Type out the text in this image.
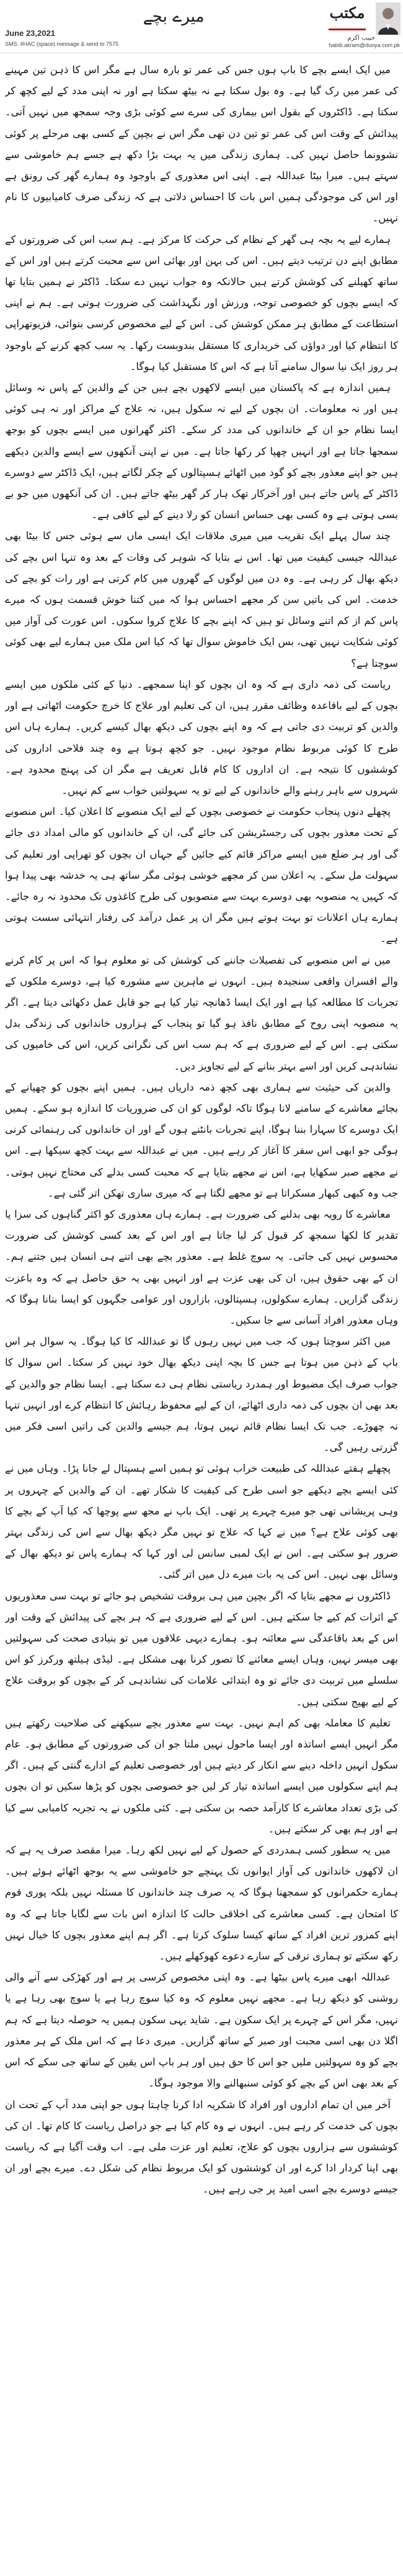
میرے بچے
June 23,2021
SMS: #HAC (space) message & send to 7575
حبیب اکرم
habib.akram@dunya.com.pk
مکتب

میں ایک ایسے بچے کا باپ ہوں جس کی عمر تو بارہ سال ہے مگر اس کا ذہن تین مہینے کی عمر میں رک گیا ہے۔ وہ بول سکتا ہے نہ بیٹھ سکتا ہے اور نہ اپنی مدد کے لیے کچھ کر سکتا ہے۔ ڈاکٹروں کے بقول اس بیماری کی سرے سے کوئی بڑی وجہ سمجھ میں نہیں آتی۔ پیدائش کے وقت اس کی عمر تو تین دن تھی مگر اس نے بچپن کے کسی بھی مرحلے پر کوئی نشوونما حاصل نہیں کی۔ ہماری زندگی میں یہ بہت بڑا دکھ ہے جسے ہم خاموشی سے سہتے ہیں۔ میرا بیٹا عبداللہ ہے۔ اپنی اس معذوری کے باوجود وہ ہمارے گھر کی رونق ہے اور اس کی موجودگی ہمیں اس بات کا احساس دلاتی ہے کہ زندگی صرف کامیابیوں کا نام نہیں۔

ہمارے لیے یہ بچہ ہی گھر کے نظام کی حرکت کا مرکز ہے۔ ہم سب اس کی ضرورتوں کے مطابق اپنے دن ترتیب دیتے ہیں۔ اس کی بہن اور بھائی اس سے محبت کرتے ہیں اور اس کے ساتھ کھیلنے کی کوشش کرتے ہیں حالانکہ وہ جواب نہیں دے سکتا۔ ڈاکٹر نے ہمیں بتایا تھا کہ ایسے بچوں کو خصوصی توجہ، ورزش اور نگہداشت کی ضرورت ہوتی ہے۔ ہم نے اپنی استطاعت کے مطابق ہر ممکن کوشش کی۔ اس کے لیے مخصوص کرسی بنوائی، فزیوتھراپی کا انتظام کیا اور دواؤں کی خریداری کا مستقل بندوبست رکھا۔ یہ سب کچھ کرنے کے باوجود ہر روز ایک نیا سوال سامنے آتا ہے کہ اس کا مستقبل کیا ہوگا۔

ہمیں اندازہ ہے کہ پاکستان میں ایسے لاکھوں بچے ہیں جن کے والدین کے پاس نہ وسائل ہیں اور نہ معلومات۔ ان بچوں کے لیے نہ سکول ہیں، نہ علاج کے مراکز اور نہ ہی کوئی ایسا نظام جو ان کے خاندانوں کی مدد کر سکے۔ اکثر گھرانوں میں ایسے بچوں کو بوجھ سمجھا جاتا ہے اور انہیں چھپا کر رکھا جاتا ہے۔ میں نے اپنی آنکھوں سے ایسے والدین دیکھے ہیں جو اپنے معذور بچے کو گود میں اٹھائے ہسپتالوں کے چکر لگاتے ہیں، ایک ڈاکٹر سے دوسرے ڈاکٹر کے پاس جاتے ہیں اور آخرکار تھک ہار کر گھر بیٹھ جاتے ہیں۔ ان کی آنکھوں میں جو بے بسی ہوتی ہے وہ کسی بھی حساس انسان کو رلا دینے کے لیے کافی ہے۔

چند سال پہلے ایک تقریب میں میری ملاقات ایک ایسی ماں سے ہوئی جس کا بیٹا بھی عبداللہ جیسی کیفیت میں تھا۔ اس نے بتایا کہ شوہر کی وفات کے بعد وہ تنہا اس بچے کی دیکھ بھال کر رہی ہے۔ وہ دن میں لوگوں کے گھروں میں کام کرتی ہے اور رات کو بچے کی خدمت۔ اس کی باتیں سن کر مجھے احساس ہوا کہ میں کتنا خوش قسمت ہوں کہ میرے پاس کم از کم اتنے وسائل تو ہیں کہ اپنے بچے کا علاج کروا سکوں۔ اس عورت کی آواز میں کوئی شکایت نہیں تھی، بس ایک خاموش سوال تھا کہ کیا اس ملک میں ہمارے لیے بھی کوئی سوچتا ہے؟

ریاست کی ذمہ داری ہے کہ وہ ان بچوں کو اپنا سمجھے۔ دنیا کے کئی ملکوں میں ایسے بچوں کے لیے باقاعدہ وظائف مقرر ہیں، ان کی تعلیم اور علاج کا خرچ حکومت اٹھاتی ہے اور والدین کو تربیت دی جاتی ہے کہ وہ اپنے بچوں کی دیکھ بھال کیسے کریں۔ ہمارے ہاں اس طرح کا کوئی مربوط نظام موجود نہیں۔ جو کچھ ہوتا ہے وہ چند فلاحی اداروں کی کوششوں کا نتیجہ ہے۔ ان اداروں کا کام قابل تعریف ہے مگر ان کی پہنچ محدود ہے۔ شہروں سے باہر رہنے والے خاندانوں کے لیے تو یہ سہولتیں خواب سے کم نہیں۔

پچھلے دنوں پنجاب حکومت نے خصوصی بچوں کے لیے ایک منصوبے کا اعلان کیا۔ اس منصوبے کے تحت معذور بچوں کی رجسٹریشن کی جائے گی، ان کے خاندانوں کو مالی امداد دی جائے گی اور ہر ضلع میں ایسے مراکز قائم کیے جائیں گے جہاں ان بچوں کو تھراپی اور تعلیم کی سہولت مل سکے۔ یہ اعلان سن کر مجھے خوشی ہوئی مگر ساتھ ہی یہ خدشہ بھی پیدا ہوا کہ کہیں یہ منصوبہ بھی دوسرے بہت سے منصوبوں کی طرح کاغذوں تک محدود نہ رہ جائے۔ ہمارے ہاں اعلانات تو بہت ہوتے ہیں مگر ان پر عمل درآمد کی رفتار انتہائی سست ہوتی ہے۔

میں نے اس منصوبے کی تفصیلات جاننے کی کوشش کی تو معلوم ہوا کہ اس پر کام کرنے والے افسران واقعی سنجیدہ ہیں۔ انہوں نے ماہرین سے مشورہ کیا ہے، دوسرے ملکوں کے تجربات کا مطالعہ کیا ہے اور ایک ایسا ڈھانچہ تیار کیا ہے جو قابل عمل دکھائی دیتا ہے۔ اگر یہ منصوبہ اپنی روح کے مطابق نافذ ہو گیا تو پنجاب کے ہزاروں خاندانوں کی زندگی بدل سکتی ہے۔ اس کے لیے ضروری ہے کہ ہم سب اس کی نگرانی کریں، اس کی خامیوں کی نشاندہی کریں اور اسے بہتر بنانے کے لیے تجاویز دیں۔

والدین کی حیثیت سے ہماری بھی کچھ ذمہ داریاں ہیں۔ ہمیں اپنے بچوں کو چھپانے کے بجائے معاشرے کے سامنے لانا ہوگا تاکہ لوگوں کو ان کی ضروریات کا اندازہ ہو سکے۔ ہمیں ایک دوسرے کا سہارا بننا ہوگا، اپنے تجربات بانٹنے ہوں گے اور ان خاندانوں کی رہنمائی کرنی ہوگی جو ابھی اس سفر کا آغاز کر رہے ہیں۔ میں نے عبداللہ سے بہت کچھ سیکھا ہے۔ اس نے مجھے صبر سکھایا ہے، اس نے مجھے بتایا ہے کہ محبت کسی بدلے کی محتاج نہیں ہوتی۔ جب وہ کبھی کبھار مسکراتا ہے تو مجھے لگتا ہے کہ میری ساری تھکن اتر گئی ہے۔

معاشرے کا رویہ بھی بدلنے کی ضرورت ہے۔ ہمارے ہاں معذوری کو اکثر گناہوں کی سزا یا تقدیر کا لکھا سمجھ کر قبول کر لیا جاتا ہے اور اس کے بعد کسی کوشش کی ضرورت محسوس نہیں کی جاتی۔ یہ سوچ غلط ہے۔ معذور بچے بھی اتنے ہی انسان ہیں جتنے ہم۔ ان کے بھی حقوق ہیں، ان کی بھی عزت ہے اور انہیں بھی یہ حق حاصل ہے کہ وہ باعزت زندگی گزاریں۔ ہمارے سکولوں، ہسپتالوں، بازاروں اور عوامی جگہوں کو ایسا بنانا ہوگا کہ وہاں معذور افراد آسانی سے جا سکیں۔

میں اکثر سوچتا ہوں کہ جب میں نہیں رہوں گا تو عبداللہ کا کیا ہوگا۔ یہ سوال ہر اس باپ کے ذہن میں ہوتا ہے جس کا بچہ اپنی دیکھ بھال خود نہیں کر سکتا۔ اس سوال کا جواب صرف ایک مضبوط اور ہمدرد ریاستی نظام ہی دے سکتا ہے۔ ایسا نظام جو والدین کے بعد بھی ان بچوں کی ذمہ داری اٹھائے، ان کے لیے محفوظ رہائش کا انتظام کرے اور انہیں تنہا نہ چھوڑے۔ جب تک ایسا نظام قائم نہیں ہوتا، ہم جیسے والدین کی راتیں اسی فکر میں گزرتی رہیں گی۔

پچھلے ہفتے عبداللہ کی طبیعت خراب ہوئی تو ہمیں اسے ہسپتال لے جانا پڑا۔ وہاں میں نے کئی ایسے بچے دیکھے جو اسی طرح کی کیفیت کا شکار تھے۔ ان کے والدین کے چہروں پر وہی پریشانی تھی جو میرے چہرے پر تھی۔ ایک باپ نے مجھ سے پوچھا کہ کیا آپ کے بچے کا بھی کوئی علاج ہے؟ میں نے کہا کہ علاج تو نہیں مگر دیکھ بھال سے اس کی زندگی بہتر ضرور ہو سکتی ہے۔ اس نے ایک لمبی سانس لی اور کہا کہ ہمارے پاس تو دیکھ بھال کے وسائل بھی نہیں۔ اس کی یہ بات میرے دل میں اتر گئی۔

ڈاکٹروں نے مجھے بتایا کہ اگر بچپن میں ہی بروقت تشخیص ہو جائے تو بہت سی معذوریوں کے اثرات کم کیے جا سکتے ہیں۔ اس کے لیے ضروری ہے کہ ہر بچے کی پیدائش کے وقت اور اس کے بعد باقاعدگی سے معائنہ ہو۔ ہمارے دیہی علاقوں میں تو بنیادی صحت کی سہولتیں بھی میسر نہیں، وہاں ایسے معائنے کا تصور کرنا بھی مشکل ہے۔ لیڈی ہیلتھ ورکرز کو اس سلسلے میں تربیت دی جائے تو وہ ابتدائی علامات کی نشاندہی کر کے بچوں کو بروقت علاج کے لیے بھیج سکتی ہیں۔

تعلیم کا معاملہ بھی کم اہم نہیں۔ بہت سے معذور بچے سیکھنے کی صلاحیت رکھتے ہیں مگر انہیں ایسے اساتذہ اور ایسا ماحول نہیں ملتا جو ان کی ضرورتوں کے مطابق ہو۔ عام سکول انہیں داخلہ دینے سے انکار کر دیتے ہیں اور خصوصی تعلیم کے ادارے گنتی کے ہیں۔ اگر ہم اپنے سکولوں میں ایسے اساتذہ تیار کر لیں جو خصوصی بچوں کو پڑھا سکیں تو ان بچوں کی بڑی تعداد معاشرے کا کارآمد حصہ بن سکتی ہے۔ کئی ملکوں نے یہ تجربہ کامیابی سے کیا ہے اور ہم بھی کر سکتے ہیں۔

میں یہ سطور کسی ہمدردی کے حصول کے لیے نہیں لکھ رہا۔ میرا مقصد صرف یہ ہے کہ ان لاکھوں خاندانوں کی آواز ایوانوں تک پہنچے جو خاموشی سے یہ بوجھ اٹھائے ہوئے ہیں۔ ہمارے حکمرانوں کو سمجھنا ہوگا کہ یہ صرف چند خاندانوں کا مسئلہ نہیں بلکہ پوری قوم کا امتحان ہے۔ کسی معاشرے کی اخلاقی حالت کا اندازہ اس بات سے لگایا جاتا ہے کہ وہ اپنے کمزور ترین افراد کے ساتھ کیسا سلوک کرتا ہے۔ اگر ہم اپنے معذور بچوں کا خیال نہیں رکھ سکتے تو ہماری ترقی کے سارے دعوے کھوکھلے ہیں۔

عبداللہ ابھی میرے پاس بیٹھا ہے۔ وہ اپنی مخصوص کرسی پر ہے اور کھڑکی سے آنے والی روشنی کو دیکھ رہا ہے۔ مجھے نہیں معلوم کہ وہ کیا سوچ رہا ہے یا سوچ بھی رہا ہے یا نہیں، مگر اس کے چہرے پر ایک سکون ہے۔ شاید یہی سکون ہمیں یہ حوصلہ دیتا ہے کہ ہم اگلا دن بھی اسی محبت اور صبر کے ساتھ گزاریں۔ میری دعا ہے کہ اس ملک کے ہر معذور بچے کو وہ سہولتیں ملیں جو اس کا حق ہیں اور ہر باپ اس یقین کے ساتھ جی سکے کہ اس کے بعد بھی اس کے بچے کو کوئی سنبھالنے والا موجود ہوگا۔

آخر میں ان تمام اداروں اور افراد کا شکریہ ادا کرنا چاہتا ہوں جو اپنی مدد آپ کے تحت ان بچوں کی خدمت کر رہے ہیں۔ انہوں نے وہ کام کیا ہے جو دراصل ریاست کا کام تھا۔ ان کی کوششوں سے ہزاروں بچوں کو علاج، تعلیم اور عزت ملی ہے۔ اب وقت آگیا ہے کہ ریاست بھی اپنا کردار ادا کرے اور ان کوششوں کو ایک مربوط نظام کی شکل دے۔ میرے بچے اور ان جیسے دوسرے بچے اسی امید پر جی رہے ہیں۔
